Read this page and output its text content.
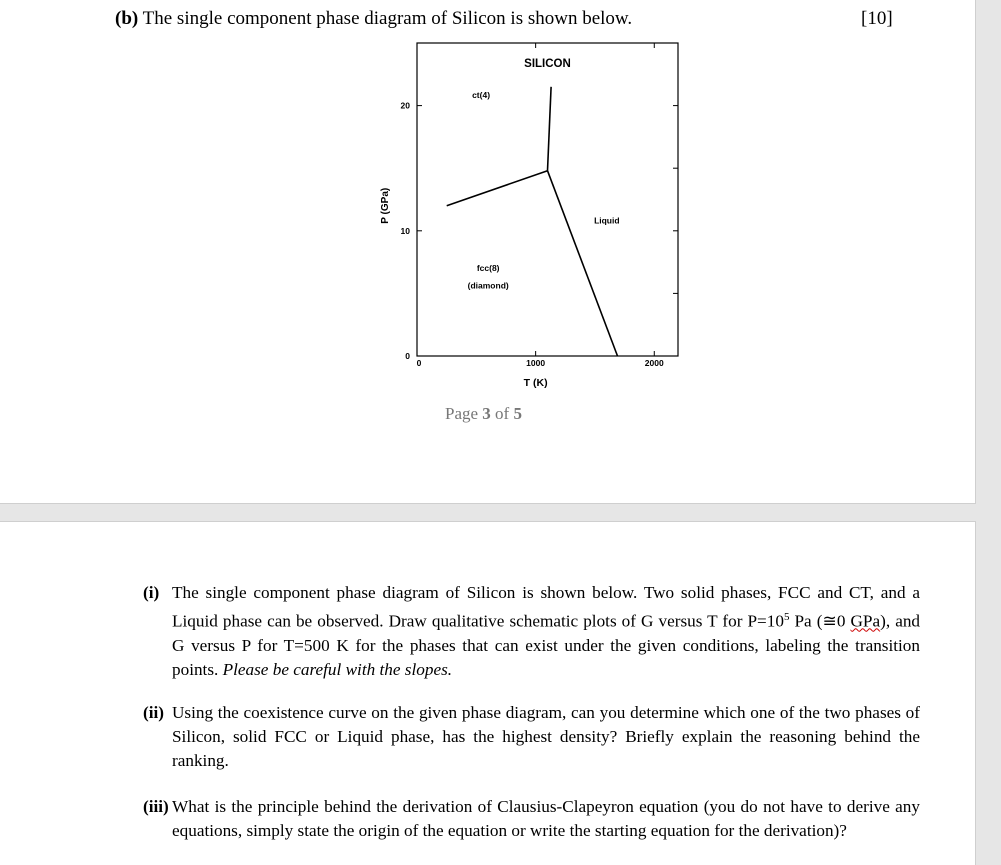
(b) The single component phase diagram of Silicon is shown below.	[10]
0	1000	2000
0
10
20
ct(4)
Liquid
fcc(8)
(diamond)
SILICON
T (K)
P (GPa)
Page 3 of 5
(i) The single component phase diagram of Silicon is shown below. Two solid phases, FCC and CT, and a Liquid phase can be observed. Draw qualitative schematic plots of G versus T for $P=10^5$ Pa (≅0 GPa), and G versus P for T=500 K for the phases that can exist under the given conditions, labeling the transition points. Please be careful with the slopes.
(ii) Using the coexistence curve on the given phase diagram, can you determine which one of the two phases of Silicon, solid FCC or Liquid phase, has the highest density? Briefly explain the reasoning behind the ranking.
(iii) What is the principle behind the derivation of Clausius-Clapeyron equation (you do not have to derive any equations, simply state the origin of the equation or write the starting equation for the derivation)?
